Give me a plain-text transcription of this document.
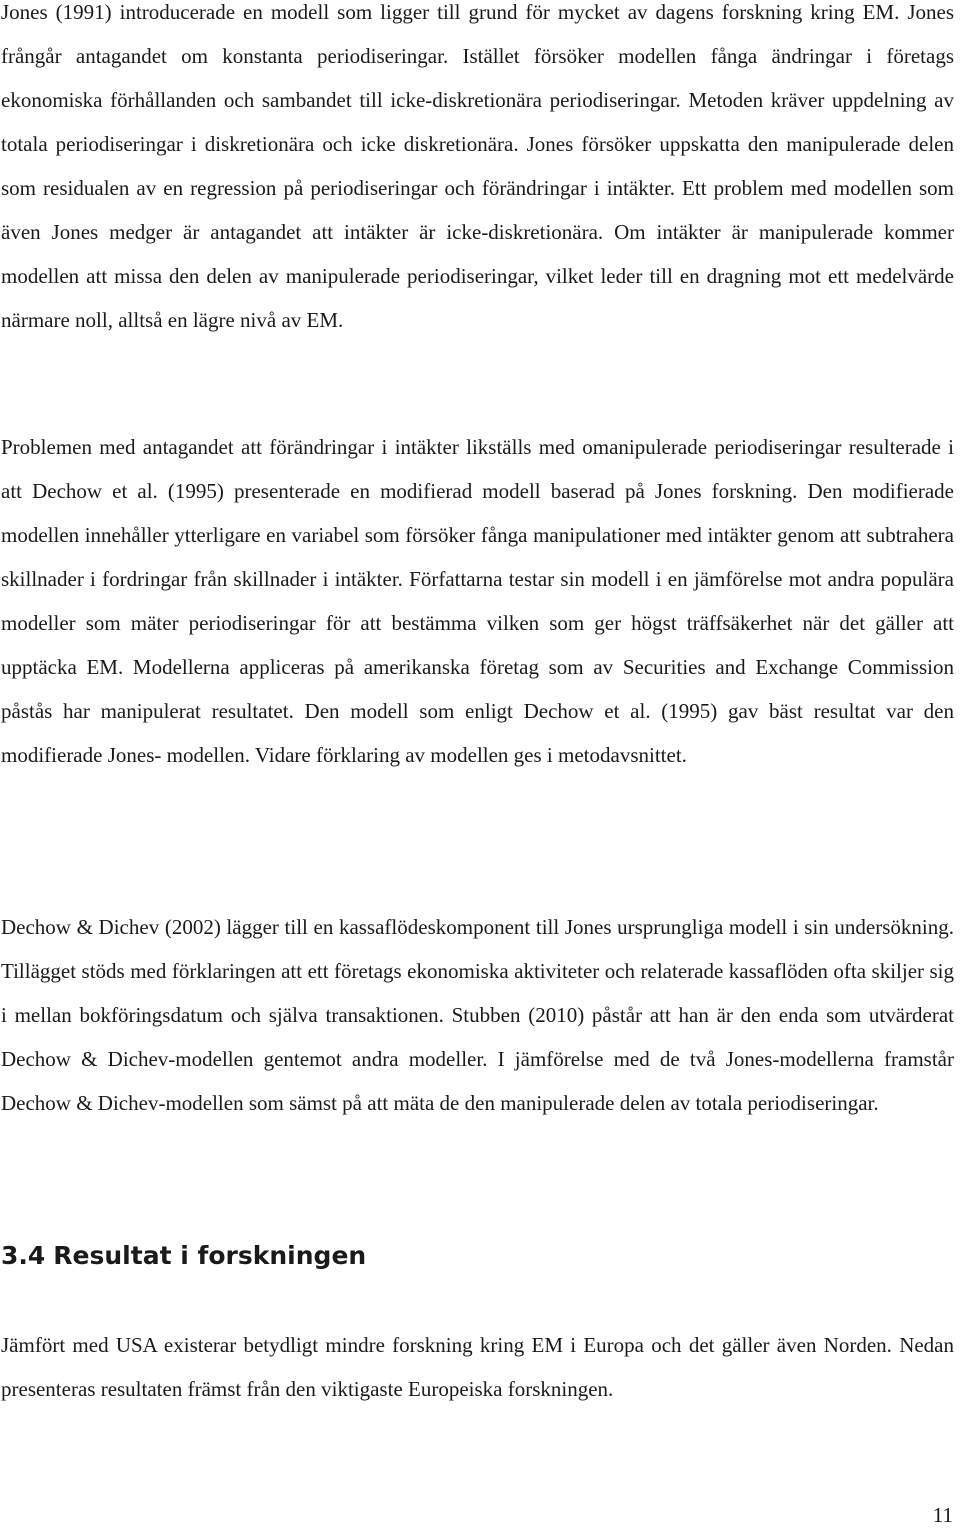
Jones (1991) introducerade en modell som ligger till grund för mycket av dagens forskning kring EM. Jones frångår antagandet om konstanta periodiseringar. Istället försöker modellen fånga ändringar i företags ekonomiska förhållanden och sambandet till icke-diskretionära periodiseringar. Metoden kräver uppdelning av totala periodiseringar i diskretionära och icke diskretionära. Jones försöker uppskatta den manipulerade delen som residualen av en regression på periodiseringar och förändringar i intäkter. Ett problem med modellen som även Jones medger är antagandet att intäkter är icke-diskretionära. Om intäkter är manipulerade kommer modellen att missa den delen av manipulerade periodiseringar, vilket leder till en dragning mot ett medelvärde närmare noll, alltså en lägre nivå av EM.

Problemen med antagandet att förändringar i intäkter likställs med omanipulerade periodiseringar resulterade i att Dechow et al. (1995) presenterade en modifierad modell baserad på Jones forskning. Den modifierade modellen innehåller ytterligare en variabel som försöker fånga manipulationer med intäkter genom att subtrahera skillnader i fordringar från skillnader i intäkter. Författarna testar sin modell i en jämförelse mot andra populära modeller som mäter periodiseringar för att bestämma vilken som ger högst träffsäkerhet när det gäller att upptäcka EM. Modellerna appliceras på amerikanska företag som av Securities and Exchange Commission påstås har manipulerat resultatet. Den modell som enligt Dechow et al. (1995) gav bäst resultat var den modifierade Jones- modellen. Vidare förklaring av modellen ges i metodavsnittet.

Dechow & Dichev (2002) lägger till en kassaflödeskomponent till Jones ursprungliga modell i sin undersökning. Tillägget stöds med förklaringen att ett företags ekonomiska aktiviteter och relaterade kassaflöden ofta skiljer sig i mellan bokföringsdatum och själva transaktionen. Stubben (2010) påstår att han är den enda som utvärderat Dechow & Dichev-modellen gentemot andra modeller. I jämförelse med de två Jones-modellerna framstår Dechow & Dichev-modellen som sämst på att mäta de den manipulerade delen av totala periodiseringar.

3.4 Resultat i forskningen

Jämfört med USA existerar betydligt mindre forskning kring EM i Europa och det gäller även Norden. Nedan presenteras resultaten främst från den viktigaste Europeiska forskningen.

11
